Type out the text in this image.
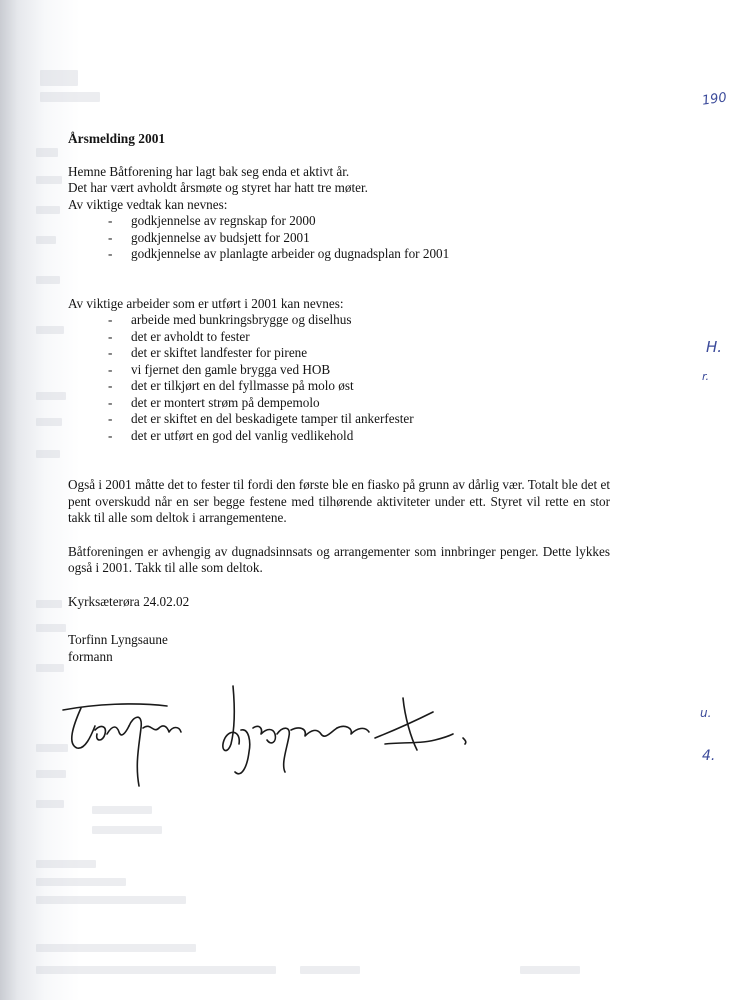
Årsmelding 2001

Hemne Båtforening har lagt bak seg enda et aktivt år.

Det har vært avholdt årsmøte og styret har hatt tre møter.

Av viktige vedtak kan nevnes:

- godkjennelse av regnskap for 2000
- godkjennelse av budsjett for 2001
- godkjennelse av planlagte arbeider og dugnadsplan for 2001

Av viktige arbeider som er utført i 2001 kan nevnes:

- arbeide med bunkringsbrygge og diselhus
- det er avholdt to fester
- det er skiftet landfester for pirene
- vi fjernet den gamle brygga ved HOB
- det er tilkjørt en del fyllmasse på molo øst
- det er montert strøm på dempemolo
- det er skiftet en del beskadigete tamper til ankerfester
- det er utført en god del vanlig vedlikehold

Også i 2001 måtte det to fester til fordi den første ble en fiasko på grunn av dårlig vær. Totalt ble det et pent overskudd når en ser begge festene med tilhørende aktiviteter under ett. Styret vil rette en stor takk til alle som deltok i arrangementene.

Båtforeningen er avhengig av dugnadsinnsats og arrangementer som innbringer penger. Dette lykkes også i 2001. Takk til alle som deltok.

Kyrksæterøra 24.02.02

Torfinn Lyngsaune

formann

190
H.
r.
u.
4.
